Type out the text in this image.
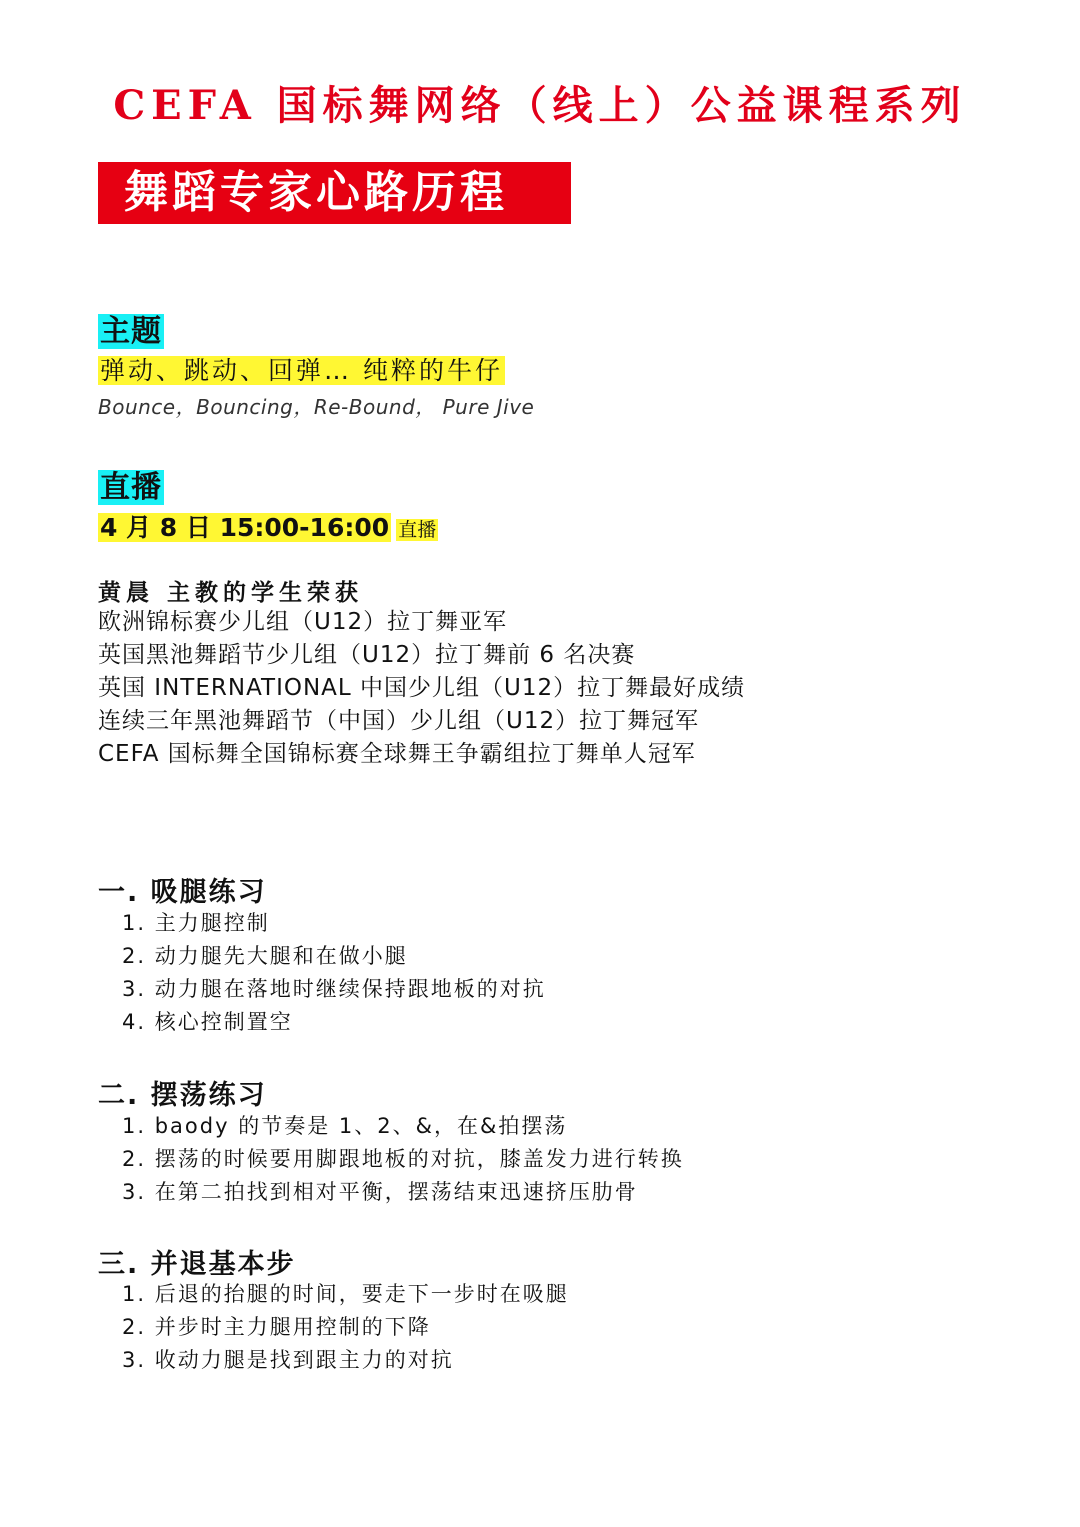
CEFA 国标舞网络（线上）公益课程系列
舞蹈专家心路历程
主题
弹动、跳动、回弹… 纯粹的牛仔
Bounce，Bouncing，Re-Bound， Pure Jive
直播
4 月 8 日 15:00-16:00 直播
黄晨 主教的学生荣获
欧洲锦标赛少儿组（U12）拉丁舞亚军
英国黑池舞蹈节少儿组（U12）拉丁舞前 6 名决赛
英国 INTERNATIONAL 中国少儿组（U12）拉丁舞最好成绩
连续三年黑池舞蹈节（中国）少儿组（U12）拉丁舞冠军
CEFA 国标舞全国锦标赛全球舞王争霸组拉丁舞单人冠军
一. 吸腿练习
1. 主力腿控制
2. 动力腿先大腿和在做小腿
3. 动力腿在落地时继续保持跟地板的对抗
4. 核心控制置空
二. 摆荡练习
1. baody 的节奏是 1、2、&，在&拍摆荡
2. 摆荡的时候要用脚跟地板的对抗，膝盖发力进行转换
3. 在第二拍找到相对平衡，摆荡结束迅速挤压肋骨
三. 并退基本步
1. 后退的抬腿的时间，要走下一步时在吸腿
2. 并步时主力腿用控制的下降
3. 收动力腿是找到跟主力的对抗
